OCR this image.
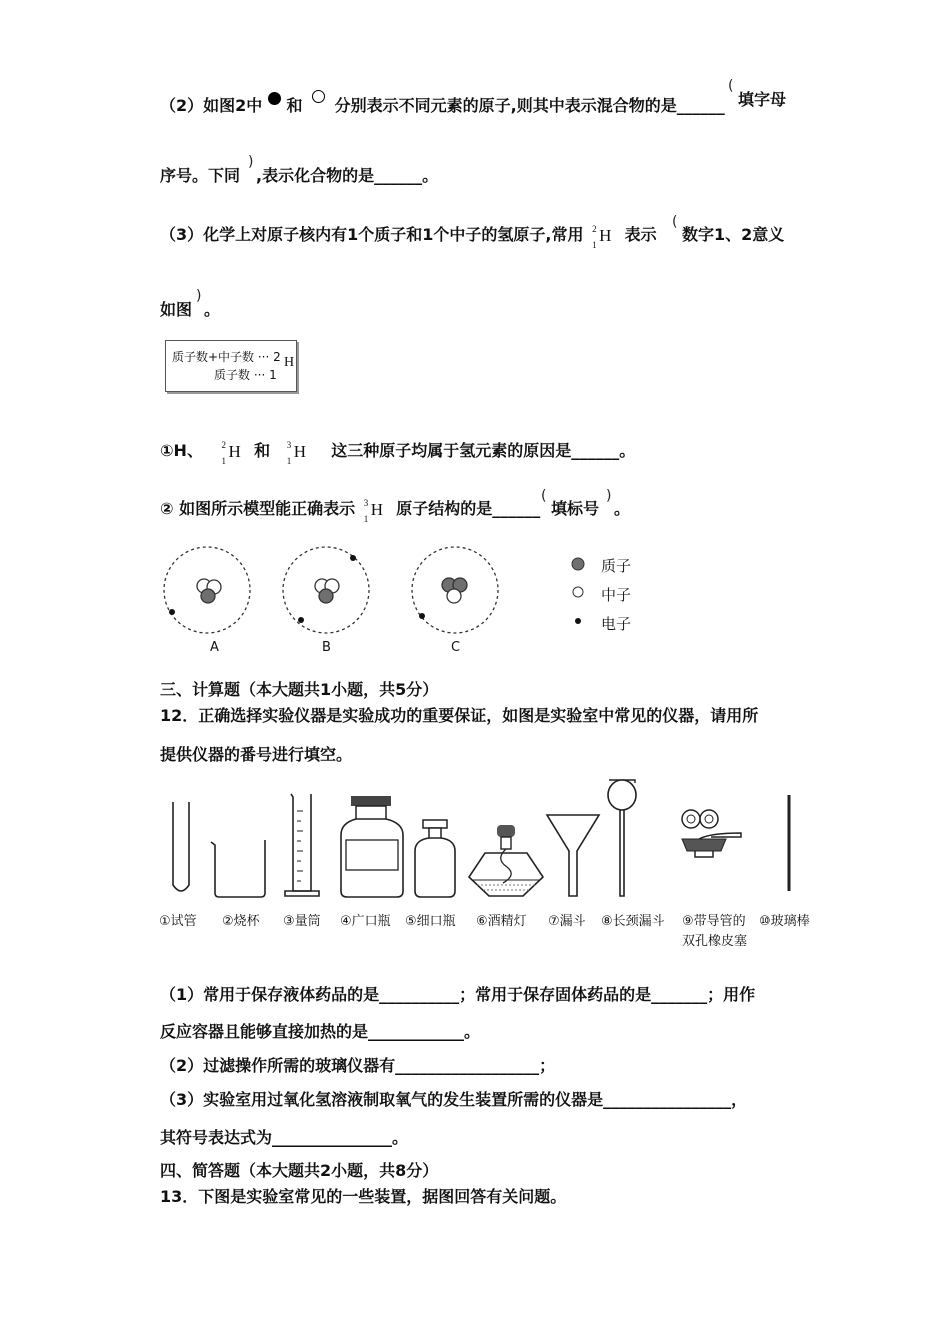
（2）如图2中 和 分别表示不同元素的原子,则其中表示混合物的是______
(
填字母
序号。下同
)
,表示化合物的是______。
（3）化学上对原子核内有1个质子和1个中子的氢原子,常用 2
1 H 表示
(
数字1、2意义
如图
)
。
质子数+中子数 ··· 2
质子数 ··· 1
H
①H、 2
1 H 和 3
1 H 这三种原子均属于氢元素的原因是______。
② 如图所示模型能正确表示 3
1 H 原子结构的是______
(
填标号
)
。
A	B	C
质子
中子
电子
三、计算题（本大题共1小题，共5分）
12．正确选择实验仪器是实验成功的重要保证，如图是实验室中常见的仪器，请用所
提供仪器的番号进行填空。
①试管 ②烧杯 ③量筒 ④广口瓶 ⑤细口瓶 ⑥酒精灯 ⑦漏斗 ⑧长颈漏斗 ⑨带导管的
双孔橡皮塞
⑩玻璃棒
（1）常用于保存液体药品的是__________；常用于保存固体药品的是_______；用作
反应容器且能够直接加热的是____________。
（2）过滤操作所需的玻璃仪器有__________________；
（3）实验室用过氧化氢溶液制取氧气的发生装置所需的仪器是________________，
其符号表达式为_______________。
四、简答题（本大题共2小题，共8分）
13．下图是实验室常见的一些装置，据图回答有关问题。
